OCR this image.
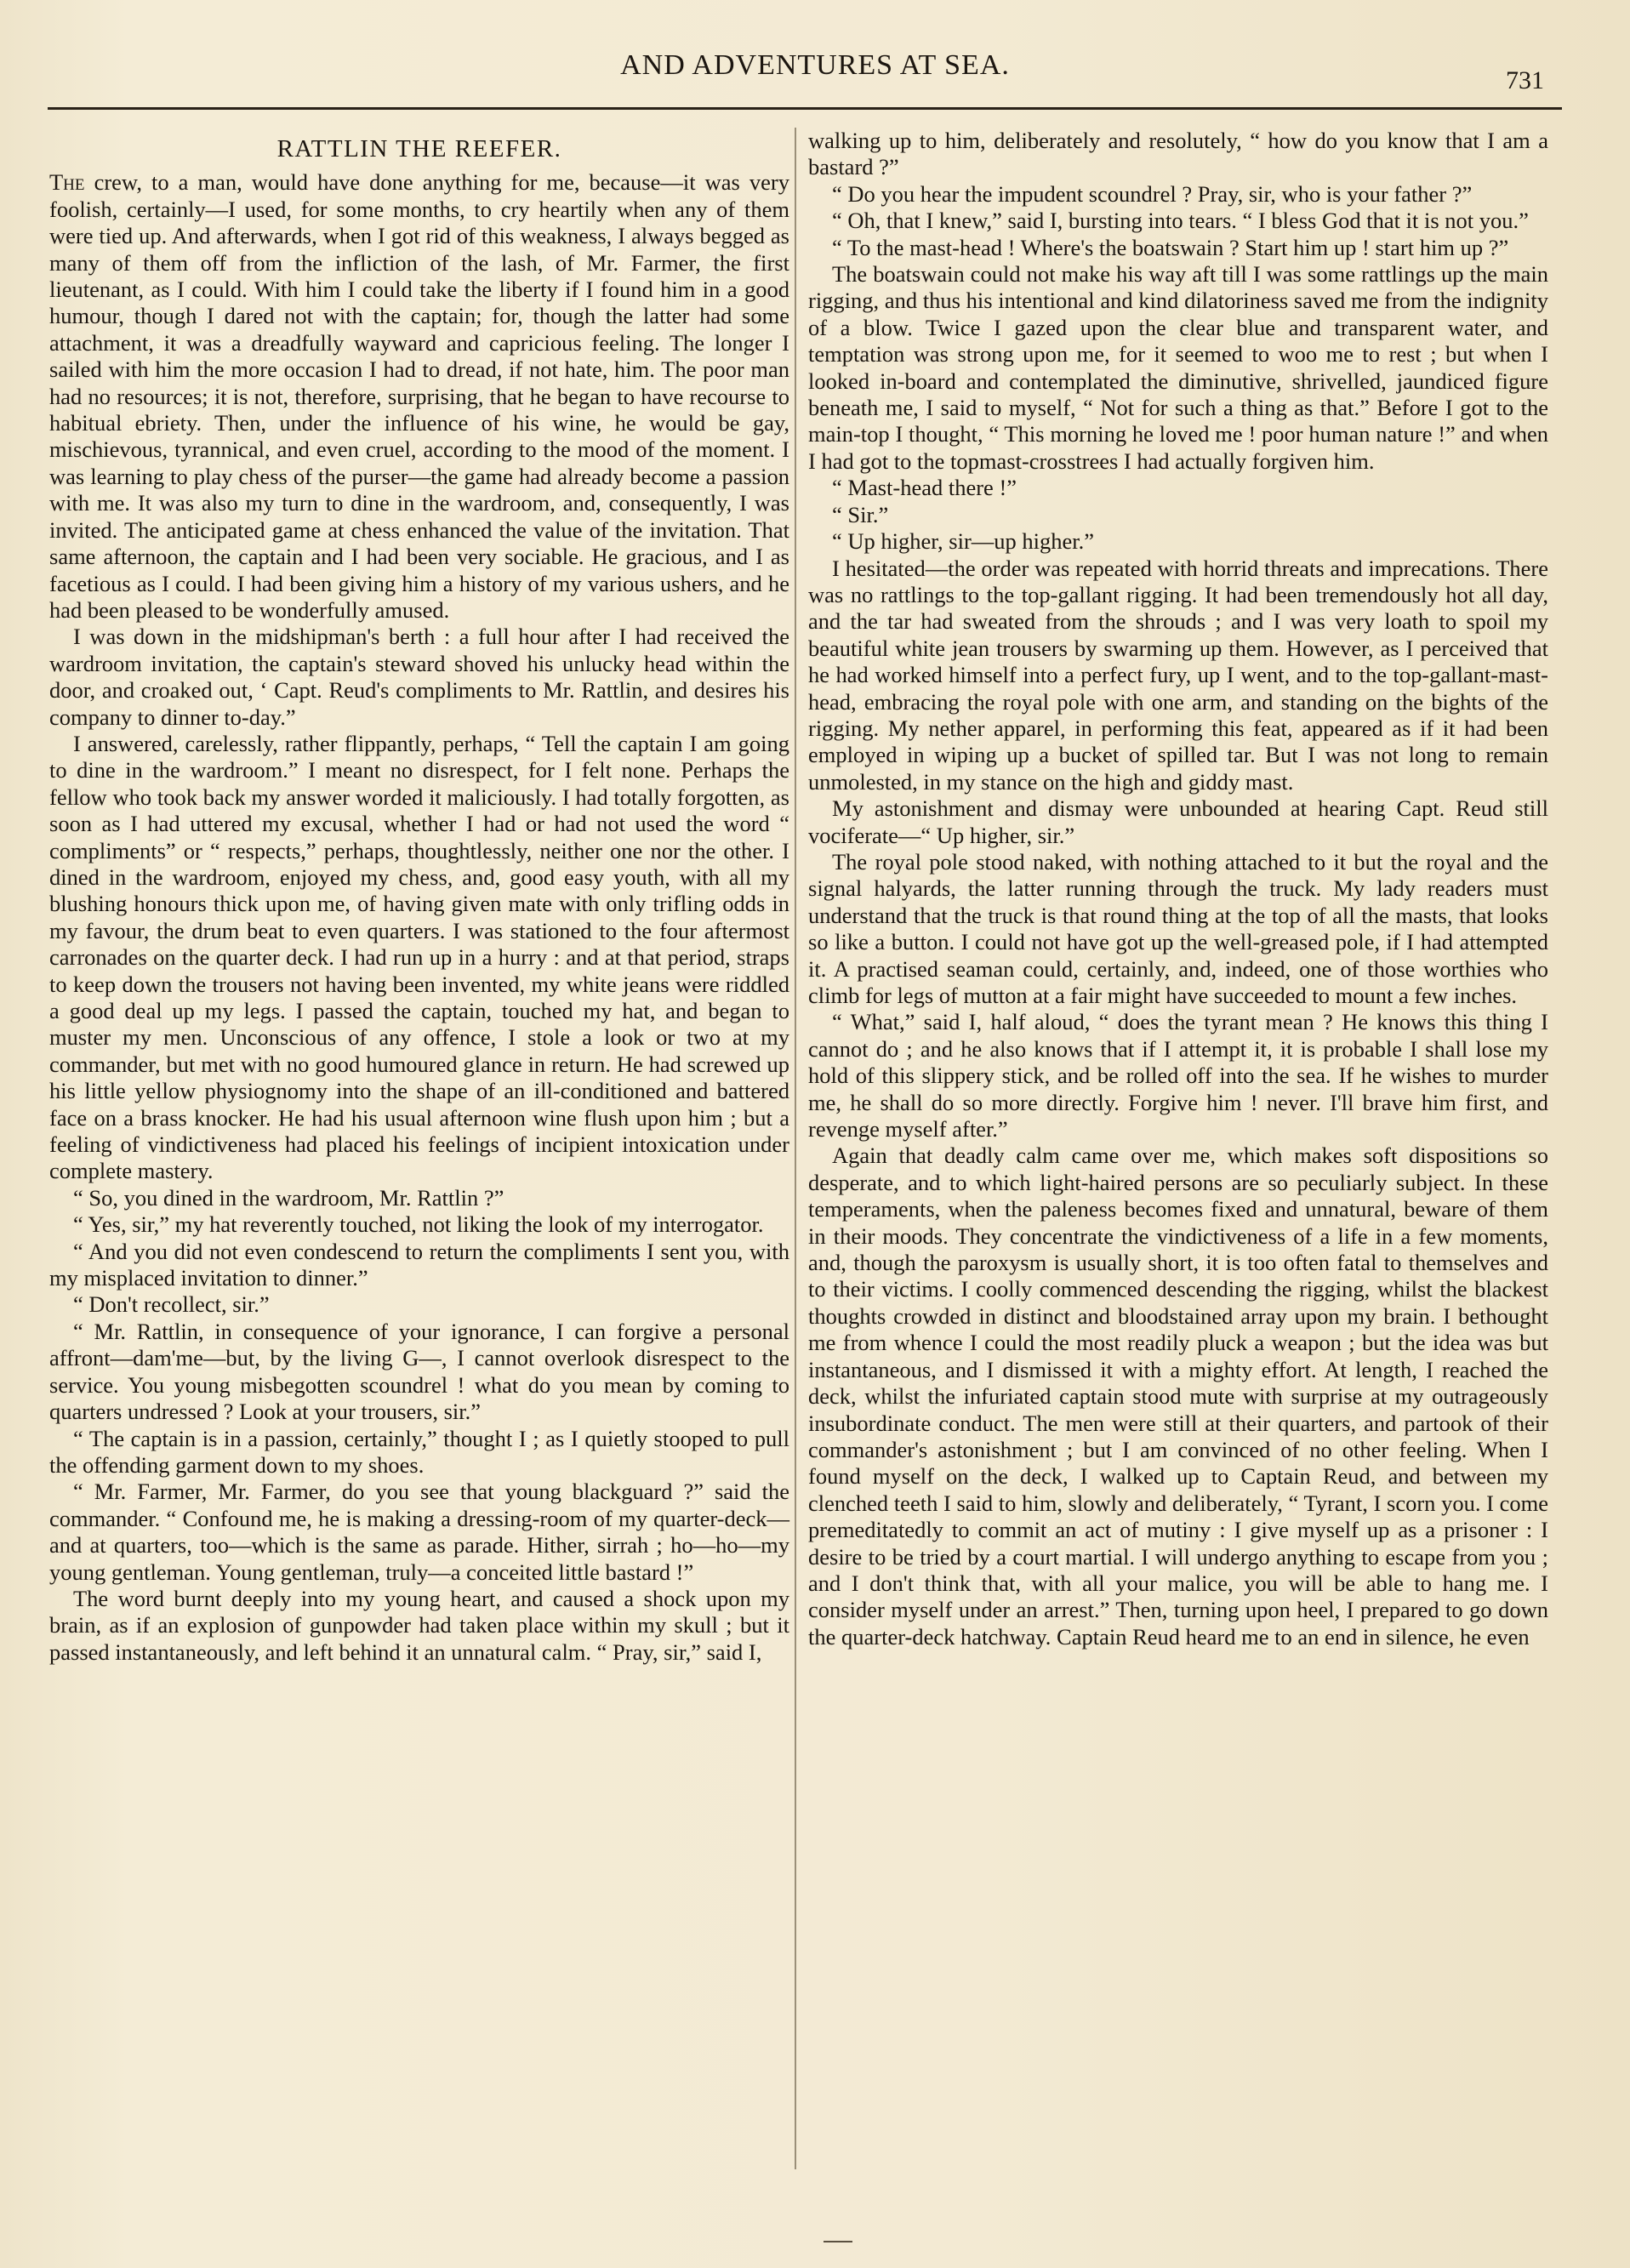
AND ADVENTURES AT SEA.	731
RATTLIN THE REEFER.

The crew, to a man, would have done anything for me, because—it was very foolish, certainly—I used, for some months, to cry heartily when any of them were tied up. And afterwards, when I got rid of this weakness, I always begged as many of them off from the infliction of the lash, of Mr. Farmer, the first lieutenant, as I could. With him I could take the liberty if I found him in a good humour, though I dared not with the captain; for, though the latter had some attachment, it was a dreadfully wayward and capricious feeling. The longer I sailed with him the more occasion I had to dread, if not hate, him. The poor man had no resources; it is not, therefore, surprising, that he began to have recourse to habitual ebriety. Then, under the influence of his wine, he would be gay, mischievous, tyrannical, and even cruel, according to the mood of the moment. I was learning to play chess of the purser—the game had already become a passion with me. It was also my turn to dine in the wardroom, and, consequently, I was invited. The anticipated game at chess enhanced the value of the invitation. That same afternoon, the captain and I had been very sociable. He gracious, and I as facetious as I could. I had been giving him a history of my various ushers, and he had been pleased to be wonderfully amused.

I was down in the midshipman's berth : a full hour after I had received the wardroom invitation, the captain's steward shoved his unlucky head within the door, and croaked out, ‘ Capt. Reud's compliments to Mr. Rattlin, and desires his company to dinner to-day.”

I answered, carelessly, rather flippantly, perhaps, “ Tell the captain I am going to dine in the wardroom.” I meant no disrespect, for I felt none. Perhaps the fellow who took back my answer worded it maliciously. I had totally forgotten, as soon as I had uttered my excusal, whether I had or had not used the word “ compliments” or “ respects,” perhaps, thoughtlessly, neither one nor the other. I dined in the wardroom, enjoyed my chess, and, good easy youth, with all my blushing honours thick upon me, of having given mate with only trifling odds in my favour, the drum beat to even quarters. I was stationed to the four aftermost carronades on the quarter deck. I had run up in a hurry : and at that period, straps to keep down the trousers not having been invented, my white jeans were riddled a good deal up my legs. I passed the captain, touched my hat, and began to muster my men. Unconscious of any offence, I stole a look or two at my commander, but met with no good humoured glance in return. He had screwed up his little yellow physiognomy into the shape of an ill-conditioned and battered face on a brass knocker. He had his usual afternoon wine flush upon him ; but a feeling of vindictiveness had placed his feelings of incipient intoxication under complete mastery.

“ So, you dined in the wardroom, Mr. Rattlin ?”

“ Yes, sir,” my hat reverently touched, not liking the look of my interrogator.

“ And you did not even condescend to return the compliments I sent you, with my misplaced invitation to dinner.”

“ Don't recollect, sir.”

“ Mr. Rattlin, in consequence of your ignorance, I can forgive a personal affront—dam'me—but, by the living G—, I cannot overlook disrespect to the service. You young misbegotten scoundrel ! what do you mean by coming to quarters undressed ? Look at your trousers, sir.”

“ The captain is in a passion, certainly,” thought I ; as I quietly stooped to pull the offending garment down to my shoes.

“ Mr. Farmer, Mr. Farmer, do you see that young blackguard ?” said the commander. “ Confound me, he is making a dressing-room of my quarter-deck—and at quarters, too—which is the same as parade. Hither, sirrah ; ho—ho—my young gentleman. Young gentleman, truly—a conceited little bastard !”

The word burnt deeply into my young heart, and caused a shock upon my brain, as if an explosion of gunpowder had taken place within my skull ; but it passed instantaneously, and left behind it an unnatural calm. “ Pray, sir,” said I,

walking up to him, deliberately and resolutely, “ how do you know that I am a bastard ?”

“ Do you hear the impudent scoundrel ? Pray, sir, who is your father ?”

“ Oh, that I knew,” said I, bursting into tears. “ I bless God that it is not you.”

“ To the mast-head ! Where's the boatswain ? Start him up ! start him up ?”

The boatswain could not make his way aft till I was some rattlings up the main rigging, and thus his intentional and kind dilatoriness saved me from the indignity of a blow. Twice I gazed upon the clear blue and transparent water, and temptation was strong upon me, for it seemed to woo me to rest ; but when I looked in-board and contemplated the diminutive, shrivelled, jaundiced figure beneath me, I said to myself, “ Not for such a thing as that.” Before I got to the main-top I thought, “ This morning he loved me ! poor human nature !” and when I had got to the topmast-crosstrees I had actually forgiven him.

“ Mast-head there !”

“ Sir.”

“ Up higher, sir—up higher.”

I hesitated—the order was repeated with horrid threats and imprecations. There was no rattlings to the top-gallant rigging. It had been tremendously hot all day, and the tar had sweated from the shrouds ; and I was very loath to spoil my beautiful white jean trousers by swarming up them. However, as I perceived that he had worked himself into a perfect fury, up I went, and to the top-gallant-mast-head, embracing the royal pole with one arm, and standing on the bights of the rigging. My nether apparel, in performing this feat, appeared as if it had been employed in wiping up a bucket of spilled tar. But I was not long to remain unmolested, in my stance on the high and giddy mast.

My astonishment and dismay were unbounded at hearing Capt. Reud still vociferate—“ Up higher, sir.”

The royal pole stood naked, with nothing attached to it but the royal and the signal halyards, the latter running through the truck. My lady readers must understand that the truck is that round thing at the top of all the masts, that looks so like a button. I could not have got up the well-greased pole, if I had attempted it. A practised seaman could, certainly, and, indeed, one of those worthies who climb for legs of mutton at a fair might have succeeded to mount a few inches.

“ What,” said I, half aloud, “ does the tyrant mean ? He knows this thing I cannot do ; and he also knows that if I attempt it, it is probable I shall lose my hold of this slippery stick, and be rolled off into the sea. If he wishes to murder me, he shall do so more directly. Forgive him ! never. I'll brave him first, and revenge myself after.”

Again that deadly calm came over me, which makes soft dispositions so desperate, and to which light-haired persons are so peculiarly subject. In these temperaments, when the paleness becomes fixed and unnatural, beware of them in their moods. They concentrate the vindictiveness of a life in a few moments, and, though the paroxysm is usually short, it is too often fatal to themselves and to their victims. I coolly commenced descending the rigging, whilst the blackest thoughts crowded in distinct and bloodstained array upon my brain. I bethought me from whence I could the most readily pluck a weapon ; but the idea was but instantaneous, and I dismissed it with a mighty effort. At length, I reached the deck, whilst the infuriated captain stood mute with surprise at my outrageously insubordinate conduct. The men were still at their quarters, and partook of their commander's astonishment ; but I am convinced of no other feeling. When I found myself on the deck, I walked up to Captain Reud, and between my clenched teeth I said to him, slowly and deliberately, “ Tyrant, I scorn you. I come premeditatedly to commit an act of mutiny : I give myself up as a prisoner : I desire to be tried by a court martial. I will undergo anything to escape from you ; and I don't think that, with all your malice, you will be able to hang me. I consider myself under an arrest.” Then, turning upon heel, I prepared to go down the quarter-deck hatchway. Captain Reud heard me to an end in silence, he even
